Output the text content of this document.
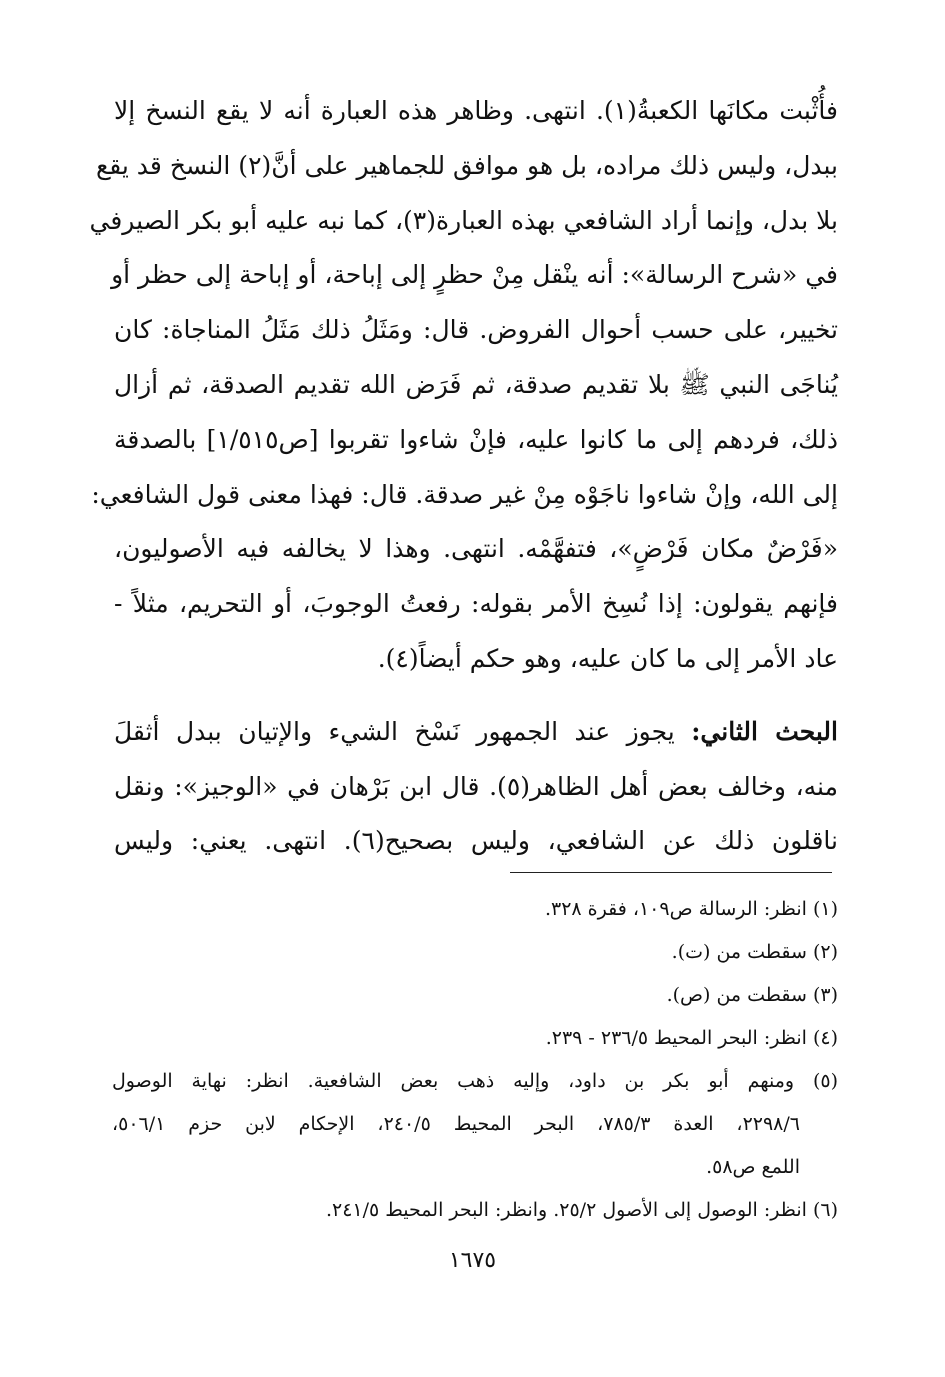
فأُثْبت مكانَها الكعبةُ(١). انتهى. وظاهر هذه العبارة أنه لا يقع النسخ إلا
ببدل، وليس ذلك مراده، بل هو موافق للجماهير على أنَّ(٢) النسخ قد يقع
بلا بدل، وإنما أراد الشافعي بهذه العبارة(٣)، كما نبه عليه أبو بكر الصيرفي
في «شرح الرسالة»: أنه ينْقل مِنْ حظرٍ إلى إباحة، أو إباحة إلى حظر أو
تخيير، على حسب أحوال الفروض. قال: ومَثَلُ ذلك مَثَلُ المناجاة: كان
يُناجَى النبي ﷺ بلا تقديم صدقة، ثم فَرَض الله تقديم الصدقة، ثم أزال
ذلك، فردهم إلى ما كانوا عليه، فإنْ شاءوا تقربوا [ص١/٥١٥] بالصدقة
إلى الله، وإنْ شاءوا ناجَوْه مِنْ غير صدقة. قال: فهذا معنى قول الشافعي:
«فَرْضٌ مكان فَرْضٍ»، فتفهَّمْه. انتهى. وهذا لا يخالفه فيه الأصوليون،
فإنهم يقولون: إذا نُسِخ الأمر بقوله: رفعتُ الوجوبَ، أو التحريم، مثلاً -
عاد الأمر إلى ما كان عليه، وهو حكم أيضاً(٤).
البحث الثاني: يجوز عند الجمهور نَسْخ الشيء والإتيان ببدل أثقلَ
منه، وخالف بعض أهل الظاهر(٥). قال ابن بَرْهان في «الوجيز»: ونقل
ناقلون ذلك عن الشافعي، وليس بصحيح(٦). انتهى. يعني: وليس
(١) انظر: الرسالة ص١٠٩، فقرة ٣٢٨.
(٢) سقطت من (ت).
(٣) سقطت من (ص).
(٤) انظر: البحر المحيط ٢٣٦/٥ - ٢٣٩.
(٥) ومنهم أبو بكر بن داود، وإليه ذهب بعض الشافعية. انظر: نهاية الوصول
٢٢٩٨/٦، العدة ٧٨٥/٣، البحر المحيط ٢٤٠/٥، الإحكام لابن حزم ٥٠٦/١،
اللمع ص٥٨.
(٦) انظر: الوصول إلى الأصول ٢٥/٢. وانظر: البحر المحيط ٢٤١/٥.
١٦٧٥
